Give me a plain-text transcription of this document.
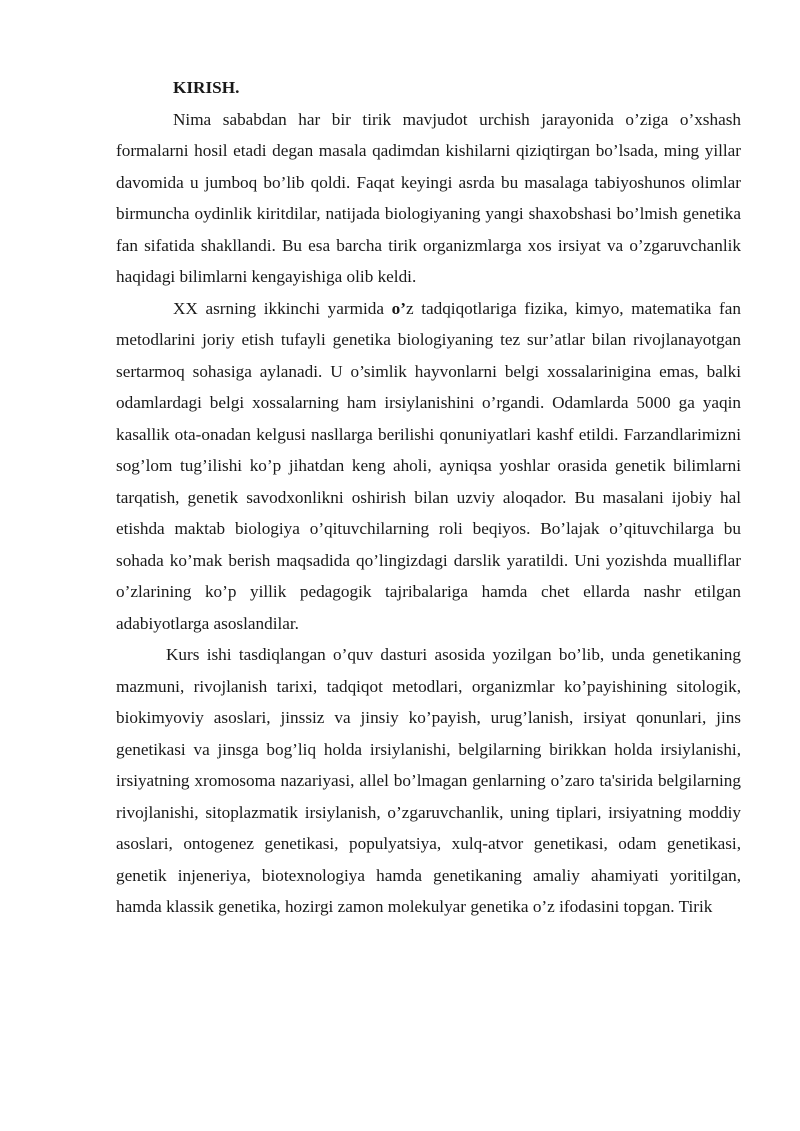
KIRISH.

Nima sababdan har bir tirik mavjudot urchish jarayonida o’ziga o’xshash formalarni hosil etadi degan masala qadimdan kishilarni qiziqtirgan bo’lsada, ming yillar davomida u jumboq bo’lib qoldi. Faqat keyingi asrda bu masalaga tabiyoshunos olimlar birmuncha oydinlik kiritdilar, natijada biologiyaning yangi shaxobshasi bo’lmish genetika fan sifatida shakllandi. Bu esa barcha tirik organizmlarga xos irsiyat va o’zgaruvchanlik haqidagi bilimlarni kengayishiga olib keldi.

XX asrning ikkinchi yarmida o’z tadqiqotlariga fizika, kimyo, matematika fan metodlarini joriy etish tufayli genetika biologiyaning tez sur’atlar bilan rivojlanayotgan sertarmoq sohasiga aylanadi. U o’simlik hayvonlarni belgi xossalarinigina emas, balki odamlardagi belgi xossalarning ham irsiylanishini o’rgandi. Odamlarda 5000 ga yaqin kasallik ota-onadan kelgusi nasllarga berilishi qonuniyatlari kashf etildi. Farzandlarimizni sog’lom tug’ilishi ko’p jihatdan keng aholi, ayniqsa yoshlar orasida genetik bilimlarni tarqatish, genetik savodxonlikni oshirish bilan uzviy aloqador. Bu masalani ijobiy hal etishda maktab biologiya o’qituvchilarning roli beqiyos. Bo’lajak o’qituvchilarga bu sohada ko’mak berish maqsadida qo’lingizdagi darslik yaratildi. Uni yozishda mualliflar o’zlarining ko’p yillik pedagogik tajribalariga hamda chet ellarda nashr etilgan adabiyotlarga asoslandilar.

Kurs ishi tasdiqlangan o’quv dasturi asosida yozilgan bo’lib, unda genetikaning mazmuni, rivojlanish tarixi, tadqiqot metodlari, organizmlar ko’payishining sitologik, biokimyoviy asoslari, jinssiz va jinsiy ko’payish, urug’lanish, irsiyat qonunlari, jins genetikasi va jinsga bog’liq holda irsiylanishi, belgilarning birikkan holda irsiylanishi, irsiyatning xromosoma nazariyasi, allel bo’lmagan genlarning o’zaro ta'sirida belgilarning rivojlanishi, sitoplazmatik irsiylanish, o’zgaruvchanlik, uning tiplari, irsiyatning moddiy asoslari, ontogenez genetikasi, populyatsiya, xulq-atvor genetikasi, odam genetikasi, genetik injeneriya, biotexnologiya hamda genetikaning amaliy ahamiyati yoritilgan, hamda klassik genetika, hozirgi zamon molekulyar genetika o’z ifodasini topgan. Tirik
